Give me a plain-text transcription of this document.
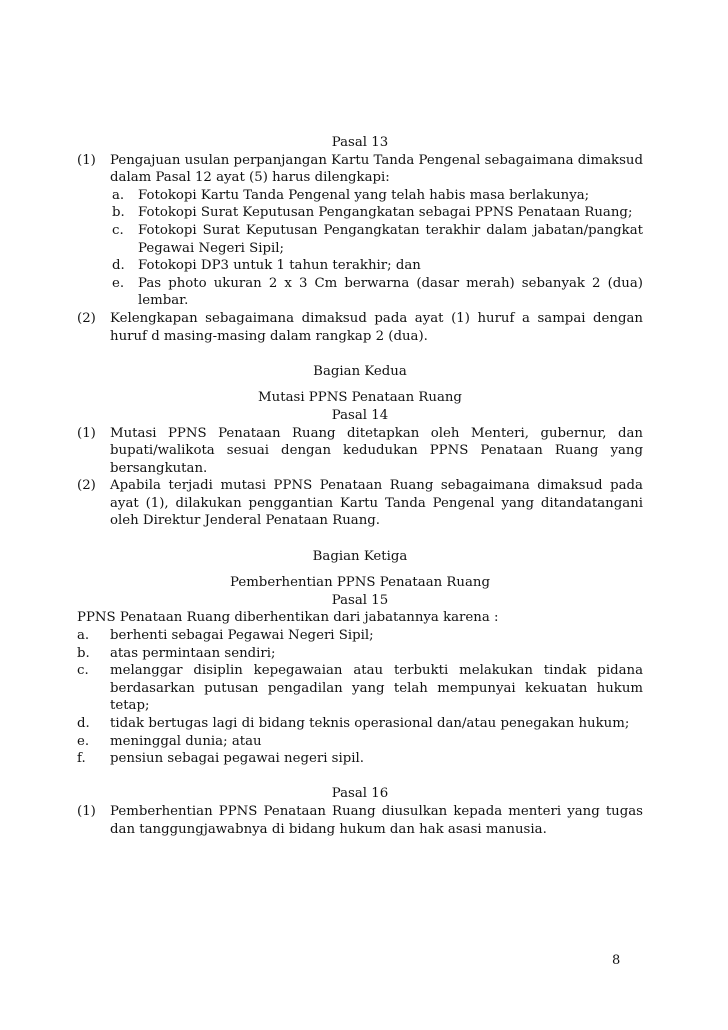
Pasal 13
(1)	Pengajuan usulan perpanjangan Kartu Tanda Pengenal sebagaimana dimaksud dalam Pasal 12 ayat (5) harus dilengkapi:
a.	Fotokopi Kartu Tanda Pengenal yang telah habis masa berlakunya;
b. Fotokopi Surat Keputusan Pengangkatan sebagai PPNS Penataan Ruang;
c.	Fotokopi Surat Keputusan Pengangkatan terakhir dalam jabatan/pangkat Pegawai Negeri Sipil;
d. Fotokopi DP3 untuk 1 tahun terakhir; dan
e.	Pas photo ukuran 2 x 3 Cm berwarna (dasar merah) sebanyak 2 (dua) lembar.
(2)	Kelengkapan sebagaimana dimaksud pada ayat (1) huruf a sampai dengan huruf d masing-masing dalam rangkap 2 (dua).
Bagian Kedua
Mutasi PPNS Penataan Ruang
Pasal 14
(1)	Mutasi PPNS Penataan Ruang ditetapkan oleh Menteri, gubernur, dan bupati/walikota sesuai dengan kedudukan PPNS Penataan Ruang yang bersangkutan.
(2)	Apabila terjadi mutasi PPNS Penataan Ruang sebagaimana dimaksud pada ayat (1), dilakukan penggantian Kartu Tanda Pengenal yang ditandatangani oleh Direktur Jenderal Penataan Ruang.
Bagian Ketiga
Pemberhentian PPNS Penataan Ruang
Pasal 15
PPNS Penataan Ruang diberhentikan dari jabatannya karena :
a.	berhenti sebagai Pegawai Negeri Sipil;
b.	atas permintaan sendiri;
c.	melanggar disiplin kepegawaian atau terbukti melakukan tindak pidana berdasarkan putusan pengadilan yang telah mempunyai kekuatan hukum tetap;
d.	tidak bertugas lagi di bidang teknis operasional dan/atau penegakan hukum;
e.	meninggal dunia; atau
f.	pensiun sebagai pegawai negeri sipil.
Pasal 16
(1)	Pemberhentian PPNS Penataan Ruang diusulkan kepada menteri yang tugas dan tanggungjawabnya di bidang hukum dan hak asasi manusia.
8
